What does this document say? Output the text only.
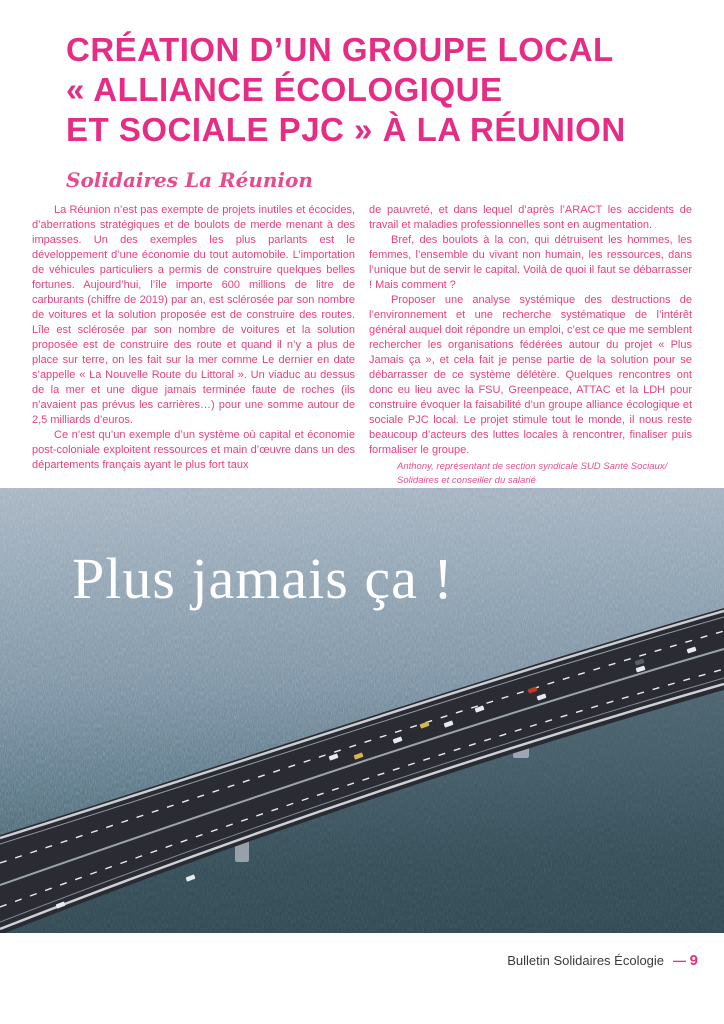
CRÉATION D’UN GROUPE LOCAL
« ALLIANCE ÉCOLOGIQUE
ET SOCIALE PJC » À LA RÉUNION
Solidaires La Réunion

La Réunion n’est pas exempte de projets inutiles et écocides, d’aberrations stratégiques et de boulots de merde menant à des impasses. Un des exemples les plus parlants est le développement d’une économie du tout automobile. L’importation de véhicules particuliers a permis de construire quelques belles fortunes. Aujourd’hui, l’île importe 600 millions de litre de carburants (chiffre de 2019) par an, est sclérosée par son nombre de voitures et la solution proposée est de construire des routes. Lîle est sclérosée par son nombre de voitures et la solution proposée est de construire des route et quand il n’y a plus de place sur terre, on les fait sur la mer comme Le dernier en date s’appelle « La Nouvelle Route du Littoral ». Un viaduc au dessus de la mer et une digue jamais terminée faute de roches (ils n’avaient pas prévus les carrières…) pour une somme autour de 2,5 milliards d’euros.

Ce n’est qu’un exemple d’un système où capital et économie post-coloniale exploitent ressources et main d’œuvre dans un des départements français ayant le plus fort taux

de pauvreté, et dans lequel d’après l’ARACT les accidents de travail et maladies professionnelles sont en augmentation.

Bref, des boulots à la con, qui détruisent les hommes, les femmes, l’ensemble du vivant non humain, les ressources, dans l’unique but de servir le capital. Voilà de quoi il faut se débarrasser ! Mais comment ?

Proposer une analyse systémique des destructions de l’environnement et une recherche systématique de l’intérêt général auquel doit répondre un emploi, c’est ce que me semblent rechercher les organisations fédérées autour du projet « Plus Jamais ça », et cela fait je pense partie de la solution pour se débarrasser de ce système délétère. Quelques rencontres ont donc eu lieu avec la FSU, Greenpeace, ATTAC et la LDH pour construire évoquer la faisabilité d’un groupe alliance écologique et sociale PJC local. Le projet stimule tout le monde, il nous reste beaucoup d’acteurs des luttes locales à rencontrer, finaliser puis formaliser le groupe.

Anthony, représentant de section syndicale SUD Santé Sociaux/ Solidaires et conseiller du salarié

Plus jamais ça !
Bulletin Solidaires Écologie — 9
